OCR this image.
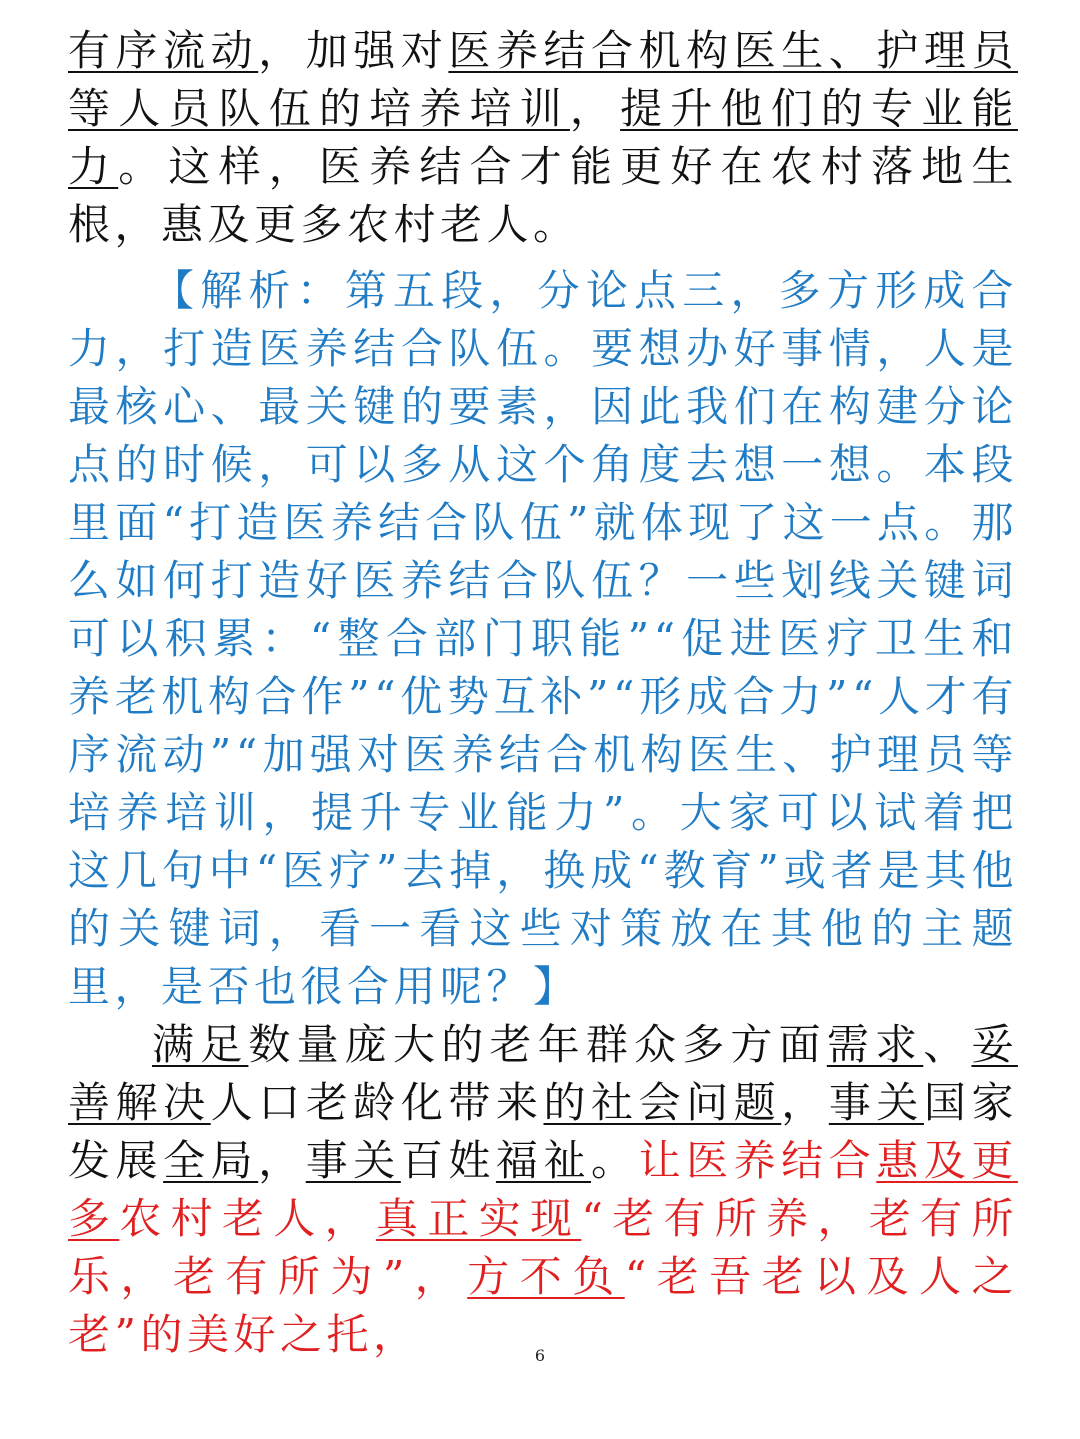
有序流动，加强对医养结合机构医生、护理员等人员队伍的培养培训，提升他们的专业能力。这样，医养结合才能更好在农村落地生根，惠及更多农村老人。

【解析：第五段，分论点三，多方形成合力，打造医养结合队伍。要想办好事情，人是最核心、最关键的要素，因此我们在构建分论点的时候，可以多从这个角度去想一想。本段里面“打造医养结合队伍”就体现了这一点。那么如何打造好医养结合队伍？一些划线关键词可以积累：“整合部门职能”“促进医疗卫生和养老机构合作”“优势互补”“形成合力”“人才有序流动”“加强对医养结合机构医生、护理员等培养培训，提升专业能力”。大家可以试着把这几句中“医疗”去掉，换成“教育”或者是其他的关键词，看一看这些对策放在其他的主题里，是否也很合用呢？】

满足数量庞大的老年群众多方面需求、妥善解决人口老龄化带来的社会问题，事关国家发展全局，事关百姓福祉。让医养结合惠及更多农村老人，真正实现“老有所养，老有所乐，老有所为”，方不负“老吾老以及人之老”的美好之托，	6
